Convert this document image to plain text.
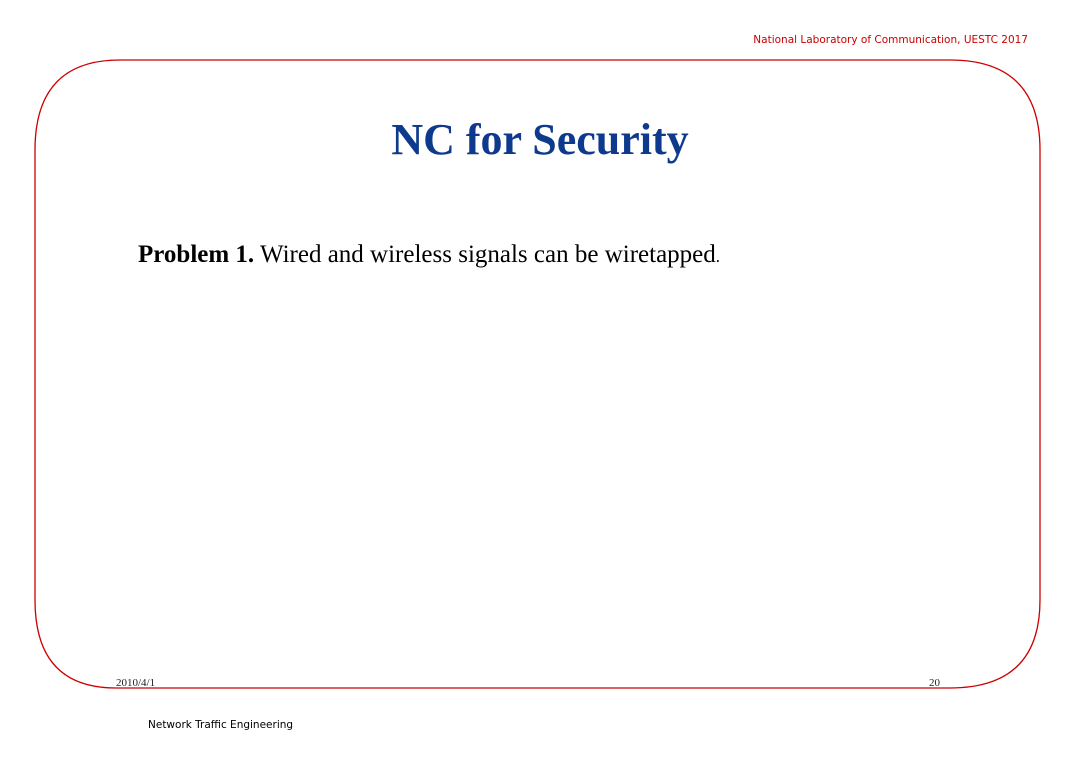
National Laboratory of Communication, UESTC 2017
NC for Security
Problem 1. Wired and wireless signals can be wiretapped.
2010/4/1	20
Network Traffic Engineering
